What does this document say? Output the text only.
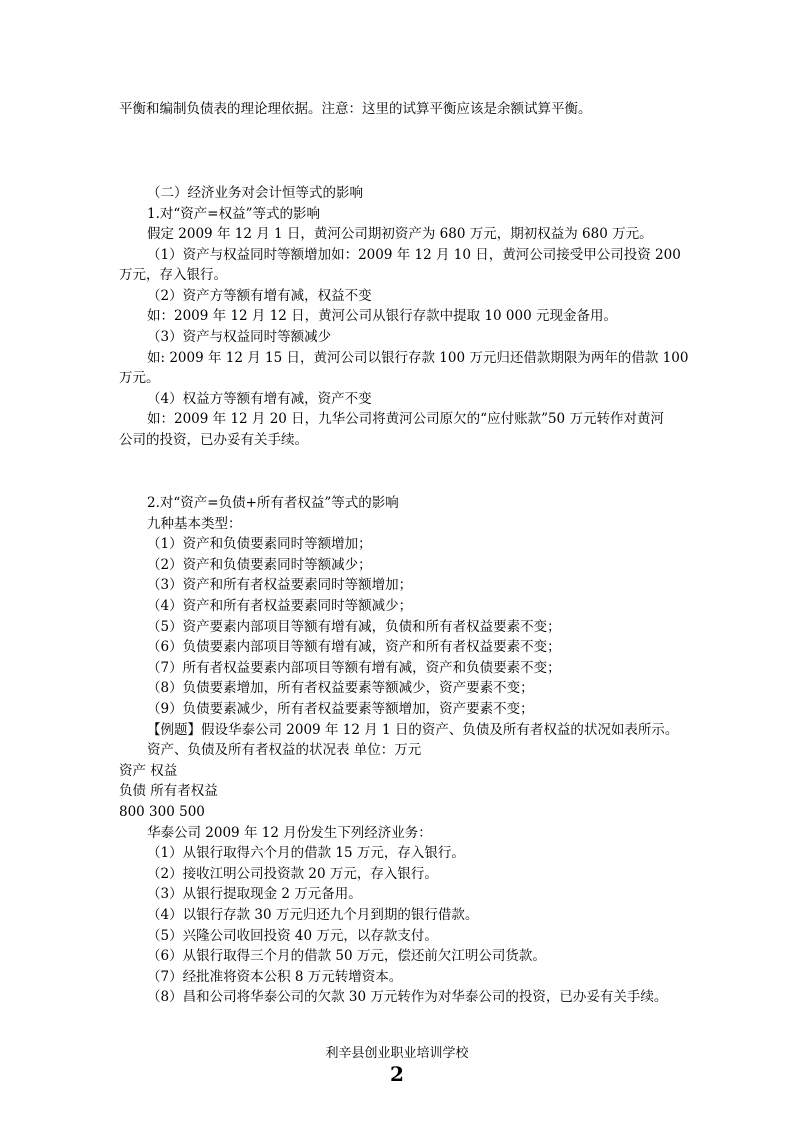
平衡和编制负债表的理论理依据。注意：这里的试算平衡应该是余额试算平衡。
（二）经济业务对会计恒等式的影响
1.对“资产=权益”等式的影响
假定 2009 年 12 月 1 日，黄河公司期初资产为 680 万元，期初权益为 680 万元。
（1）资产与权益同时等额增加如：2009 年 12 月 10 日，黄河公司接受甲公司投资 200
万元，存入银行。
（2）资产方等额有增有减，权益不变
如：2009 年 12 月 12 日，黄河公司从银行存款中提取 10 000 元现金备用。
（3）资产与权益同时等额减少
如: 2009 年 12 月 15 日，黄河公司以银行存款 100 万元归还借款期限为两年的借款 100
万元。
（4）权益方等额有增有减，资产不变
如：2009 年 12 月 20 日，九华公司将黄河公司原欠的“应付账款”50 万元转作对黄河
公司的投资，已办妥有关手续。
2.对“资产=负债+所有者权益”等式的影响
九种基本类型：
（1）资产和负债要素同时等额增加；
（2）资产和负债要素同时等额减少；
（3）资产和所有者权益要素同时等额增加；
（4）资产和所有者权益要素同时等额减少；
（5）资产要素内部项目等额有增有减，负债和所有者权益要素不变；
（6）负债要素内部项目等额有增有减，资产和所有者权益要素不变；
（7）所有者权益要素内部项目等额有增有减，资产和负债要素不变；
（8）负债要素增加，所有者权益要素等额减少，资产要素不变；
（9）负债要素减少，所有者权益要素等额增加，资产要素不变；
【例题】假设华泰公司 2009 年 12 月 1 日的资产、负债及所有者权益的状况如表所示。
资产、负债及所有者权益的状况表 单位：万元
资产 权益
负债 所有者权益
800 300 500
华泰公司 2009 年 12 月份发生下列经济业务：
（1）从银行取得六个月的借款 15 万元，存入银行。
（2）接收江明公司投资款 20 万元，存入银行。
（3）从银行提取现金 2 万元备用。
（4）以银行存款 30 万元归还九个月到期的银行借款。
（5）兴隆公司收回投资 40 万元，以存款支付。
（6）从银行取得三个月的借款 50 万元，偿还前欠江明公司货款。
（7）经批准将资本公积 8 万元转增资本。
（8）昌和公司将华泰公司的欠款 30 万元转作为对华泰公司的投资，已办妥有关手续。
利辛县创业职业培训学校
2
